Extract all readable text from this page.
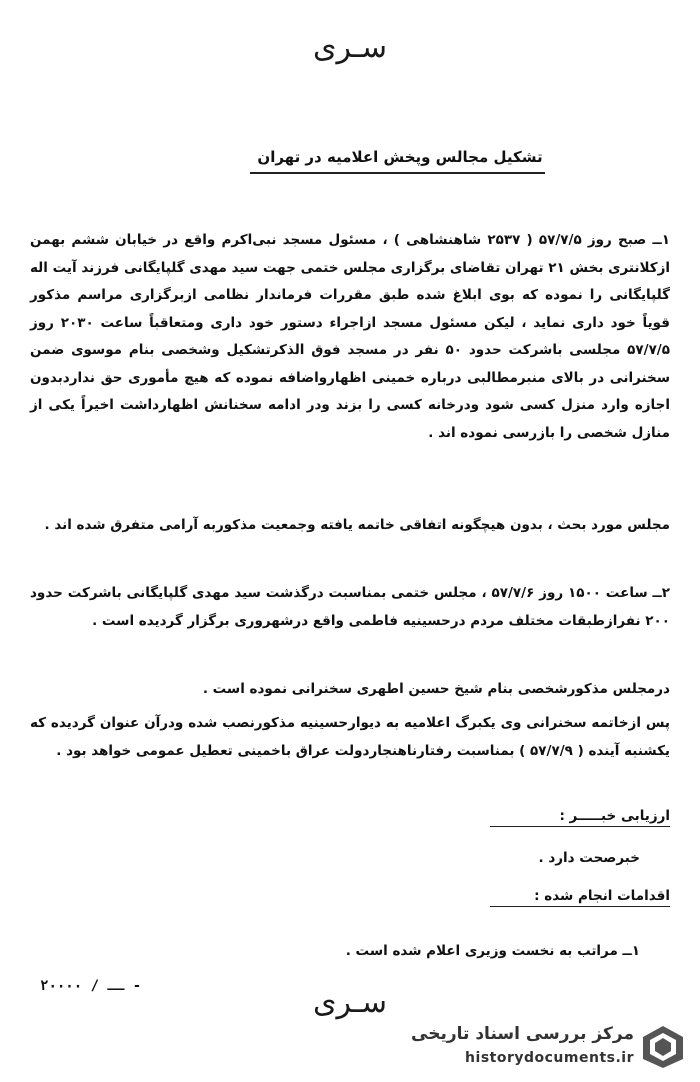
سـری
تشکیل مجالس وپخش اعلامیه در تهران

۱ــ صبح روز ۵۷/۷/۵ ( ۲۵۳۷ شاهنشاهی ) ، مسئول مسجد نبی‌اکرم واقع در خیابان ششم بهمن ازکلانتری بخش ۲۱ تهران تقاضای برگزاری مجلس ختمی جهت سید مهدی گلپایگانی فرزند آیت اله گلپایگانی را نموده که بوی ابلاغ شده طبق مقررات فرماندار نظامی ازبرگزاری مراسم مذکور قویاً خود داری نماید ، لیکن مسئول مسجد ازاجراء دستور خود داری ومتعاقباً ساعت ۲۰۳۰ روز ۵۷/۷/۵ مجلسی باشرکت حدود ۵۰ نفر در مسجد فوق الذکرتشکیل وشخصی بنام موسوی ضمن سخنرانی در بالای منبرمطالبی درباره خمینی اظهارواضافه نموده که هیچ مأموری حق نداردبدون اجازه وارد منزل کسی شود ودرخانه کسی را بزند ودر ادامه سخنانش اظهارداشت اخیراً یکی از منازل شخصی را بازرسی نموده اند .

مجلس مورد بحث ، بدون هیچگونه اتفاقی خاتمه یافته وجمعیت مذکوربه آرامی متفرق شده اند .

۲ــ ساعت ۱۵۰۰ روز ۵۷/۷/۶ ، مجلس ختمی بمناسبت درگذشت سید مهدی گلپایگانی باشرکت حدود ۲۰۰ نفرازطبقات مختلف مردم درحسینیه فاطمی واقع درشهروری برگزار گردیده است .

درمجلس مذکورشخصی بنام شیخ حسین اطهری سخنرانی نموده است .

پس ازخاتمه سخنرانی وی یکبرگ اعلامیه به دیوارحسینیه مذکورنصب شده ودرآن عنوان گردیده که یکشنبه آینده ( ۵۷/۷/۹ ) بمناسبت رفتارناهنجاردولت عراق باخمینی تعطیل عمومی خواهد بود .

ارزیابی خبـــــر :
خبرصحت دارد .
اقدامات انجام شده :
۱ــ مراتب به نخست وزیری اعلام شده است .
۲ــ / ۰۰۰۰ -	سـری
مرکز بررسی اسناد تاریخی
historydocuments.ir
